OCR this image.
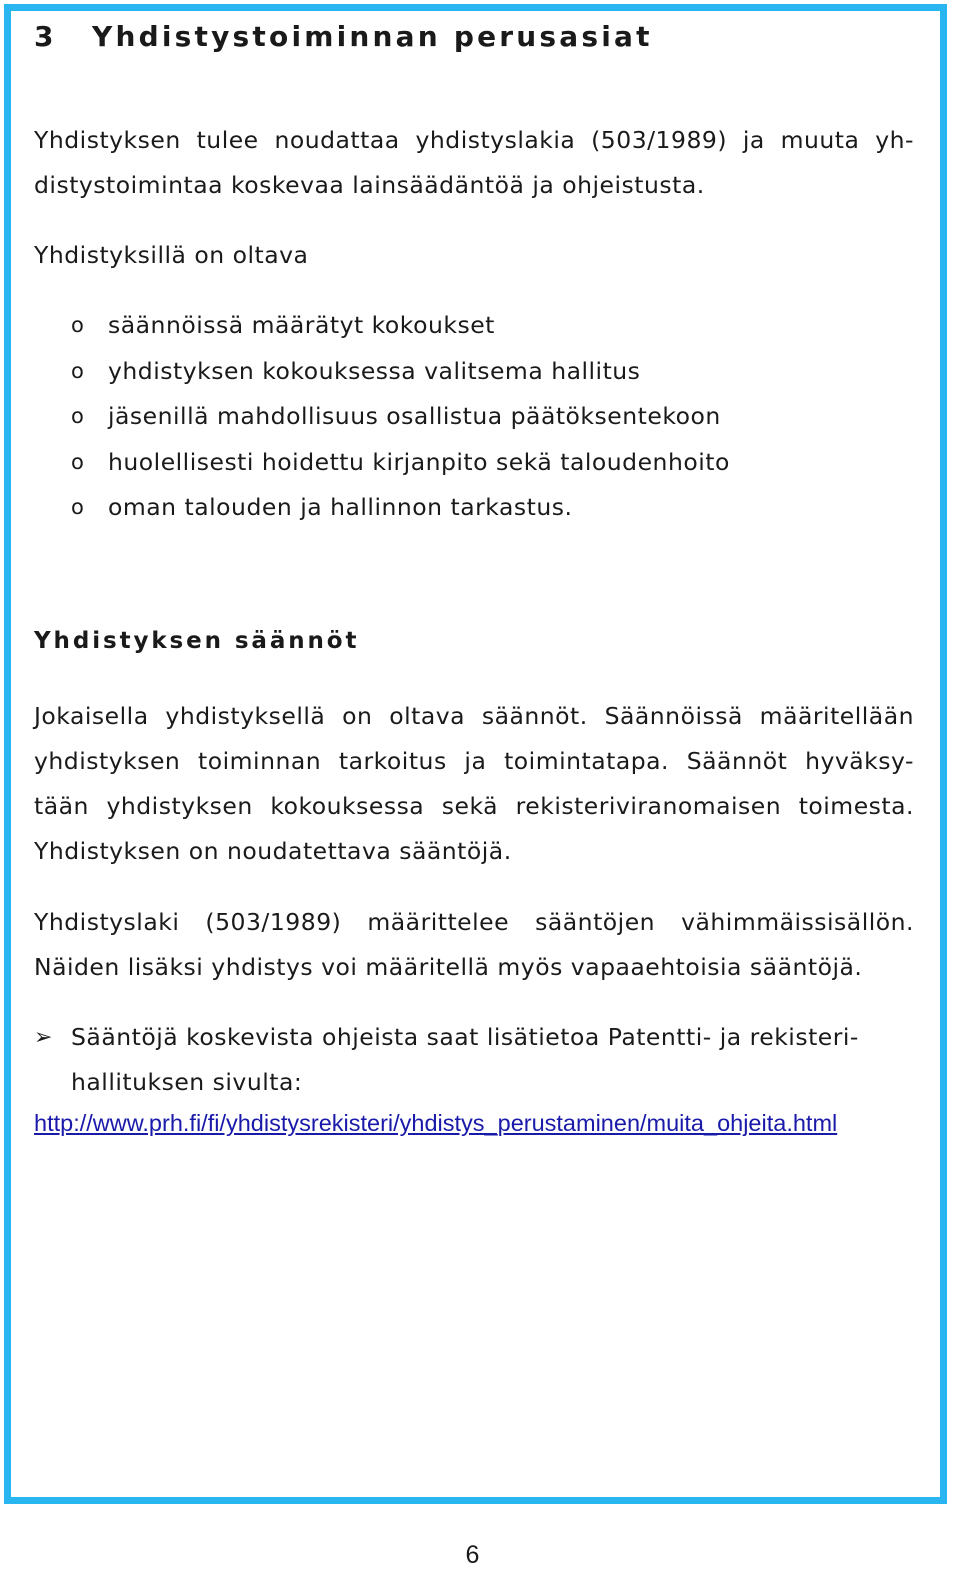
3 Yhdistystoiminnan perusasiat

Yhdistyksen tulee noudattaa yhdistyslakia (503/1989) ja muuta yh-
distystoimintaa koskevaa lainsäädäntöä ja ohjeistusta.

Yhdistyksillä on oltava

o säännöissä määrätyt kokoukset
o yhdistyksen kokouksessa valitsema hallitus
o jäsenillä mahdollisuus osallistua päätöksentekoon
o huolellisesti hoidettu kirjanpito sekä taloudenhoito
o oman talouden ja hallinnon tarkastus.
Yhdistyksen säännöt

Jokaisella yhdistyksellä on oltava säännöt. Säännöissä määritellään
yhdistyksen toiminnan tarkoitus ja toimintatapa. Säännöt hyväksy-
tään yhdistyksen kokouksessa sekä rekisteriviranomaisen toimesta.
Yhdistyksen on noudatettava sääntöjä.

Yhdistyslaki (503/1989) määrittelee sääntöjen vähimmäissisällön.
Näiden lisäksi yhdistys voi määritellä myös vapaaehtoisia sääntöjä.

➢ Sääntöjä koskevista ohjeista saat lisätietoa Patentti- ja rekisteri-
hallituksen sivulta:
http://www.prh.fi/fi/yhdistysrekisteri/yhdistys_perustaminen/muita_ohjeita.html
6
